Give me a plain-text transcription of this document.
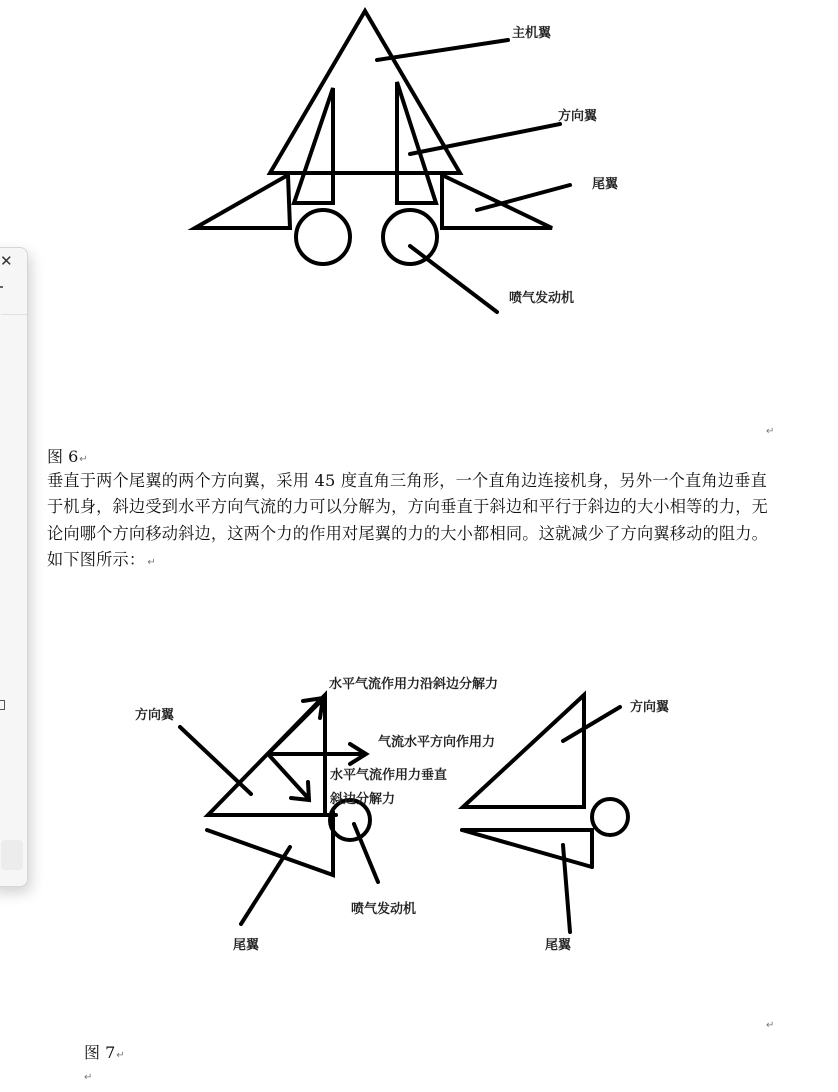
✕
主机翼
方向翼
尾翼
喷气发动机
↵
图 6↵
垂直于两个尾翼的两个方向翼，采用 45 度直角三角形，一个直角边连接机身，另外一个直角边垂直于机身，斜边受到水平方向气流的力可以分解为，方向垂直于斜边和平行于斜边的大小相等的力，无论向哪个方向移动斜边，这两个力的作用对尾翼的力的大小都相同。这就减少了方向翼移动的阻力。如下图所示： ↵
方向翼
水平气流作用力沿斜边分解力
气流水平方向作用力
水平气流作用力垂直
斜边分解力
喷气发动机
尾翼
方向翼
尾翼
↵
图 7↵
↵
